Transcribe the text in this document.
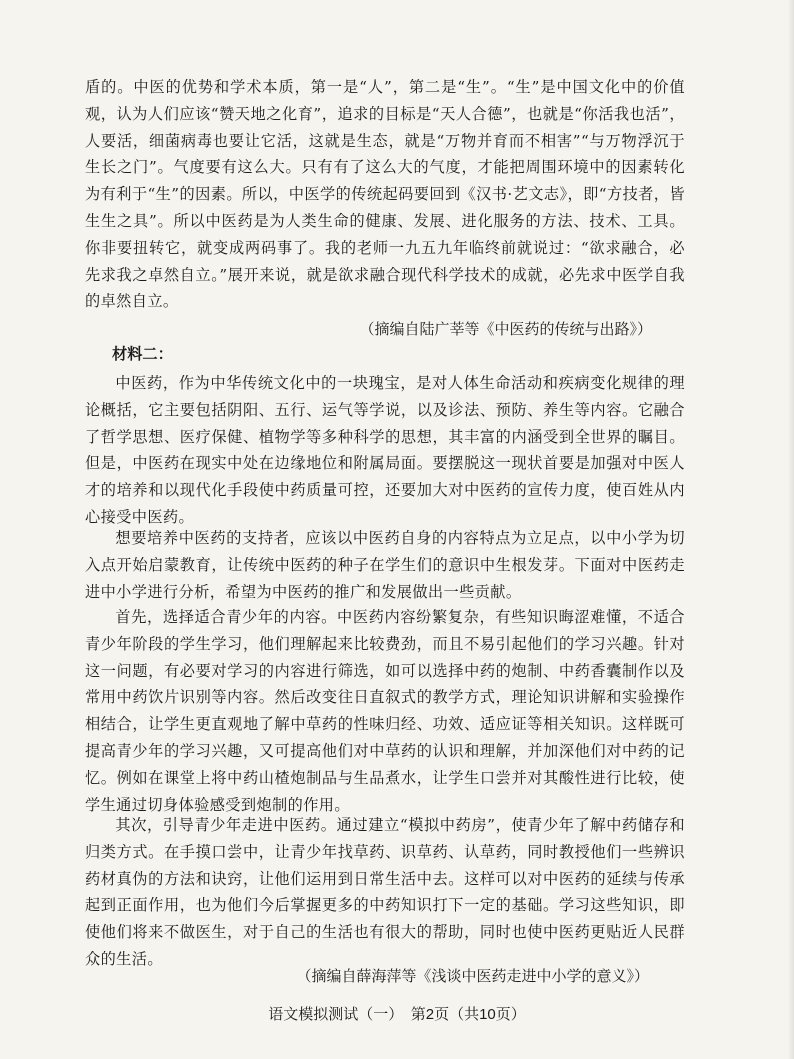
盾的。中医的优势和学术本质，第一是“人”，第二是“生”。“生”是中国文化中的价值观，认为人们应该“赞天地之化育”，追求的目标是“天人合德”，也就是“你活我也活”，人要活，细菌病毒也要让它活，这就是生态，就是“万物并育而不相害”“与万物浮沉于生长之门”。气度要有这么大。只有有了这么大的气度，才能把周围环境中的因素转化为有利于“生”的因素。所以，中医学的传统起码要回到《汉书·艺文志》，即“方技者，皆生生之具”。所以中医药是为人类生命的健康、发展、进化服务的方法、技术、工具。你非要扭转它，就变成两码事了。我的老师一九五九年临终前就说过：“欲求融合，必先求我之卓然自立。”展开来说，就是欲求融合现代科学技术的成就，必先求中医学自我的卓然自立。

（摘编自陆广莘等《中医药的传统与出路》）

材料二：

中医药，作为中华传统文化中的一块瑰宝，是对人体生命活动和疾病变化规律的理论概括，它主要包括阴阳、五行、运气等学说，以及诊法、预防、养生等内容。它融合了哲学思想、医疗保健、植物学等多种科学的思想，其丰富的内涵受到全世界的瞩目。但是，中医药在现实中处在边缘地位和附属局面。要摆脱这一现状首要是加强对中医人才的培养和以现代化手段使中药质量可控，还要加大对中医药的宣传力度，使百姓从内心接受中医药。

想要培养中医药的支持者，应该以中医药自身的内容特点为立足点，以中小学为切入点开始启蒙教育，让传统中医药的种子在学生们的意识中生根发芽。下面对中医药走进中小学进行分析，希望为中医药的推广和发展做出一些贡献。

首先，选择适合青少年的内容。中医药内容纷繁复杂，有些知识晦涩难懂，不适合青少年阶段的学生学习，他们理解起来比较费劲，而且不易引起他们的学习兴趣。针对这一问题，有必要对学习的内容进行筛选，如可以选择中药的炮制、中药香囊制作以及常用中药饮片识别等内容。然后改变往日直叙式的教学方式，理论知识讲解和实验操作相结合，让学生更直观地了解中草药的性味归经、功效、适应证等相关知识。这样既可提高青少年的学习兴趣，又可提高他们对中草药的认识和理解，并加深他们对中药的记忆。例如在课堂上将中药山楂炮制品与生品煮水，让学生口尝并对其酸性进行比较，使学生通过切身体验感受到炮制的作用。

其次，引导青少年走进中医药。通过建立“模拟中药房”，使青少年了解中药储存和归类方式。在手摸口尝中，让青少年找草药、识草药、认草药，同时教授他们一些辨识药材真伪的方法和诀窍，让他们运用到日常生活中去。这样可以对中医药的延续与传承起到正面作用，也为他们今后掌握更多的中药知识打下一定的基础。学习这些知识，即使他们将来不做医生，对于自己的生活也有很大的帮助，同时也使中医药更贴近人民群众的生活。

（摘编自薛海萍等《浅谈中医药走进中小学的意义》）

语文模拟测试（一）　第2页（共10页）
